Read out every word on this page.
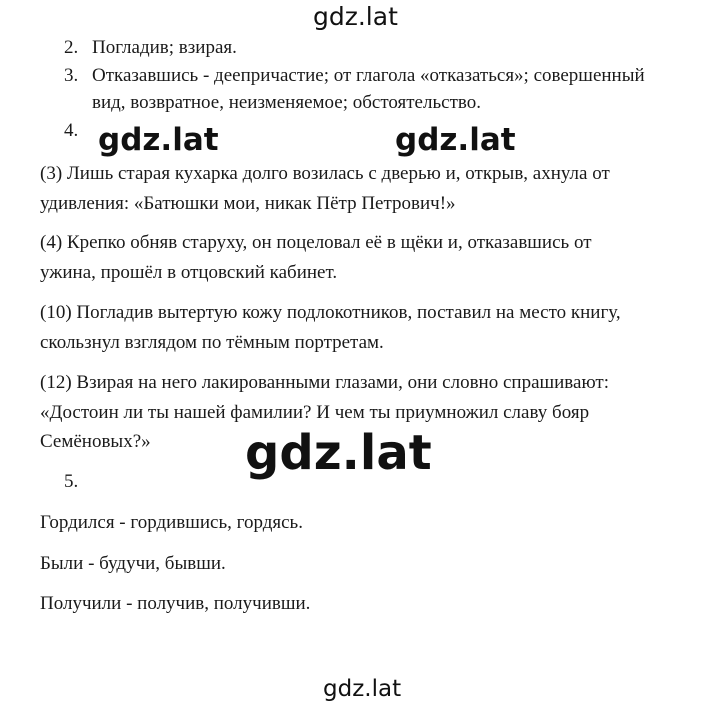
gdz.lat
gdz.lat	gdz.lat
2. Погладив; взирая.
3. Отказавшись - деепричастие; от глагола «отказаться»; совершенный
вид, возвратное, неизменяемое; обстоятельство.
4.
(3) Лишь старая кухарка долго возилась с дверью и, открыв, ахнула от
удивления: «Батюшки мои, никак Пётр Петрович!»
(4) Крепко обняв старуху, он поцеловал её в щёки и, отказавшись от
ужина, прошёл в отцовский кабинет.
(10) Погладив вытертую кожу подлокотников, поставил на место книгу,
скользнул взглядом по тёмным портретам.
(12) Взирая на него лакированными глазами, они словно спрашивают:
«Достоин ли ты нашей фамилии? И чем ты приумножил славу бояр
Семёновых?» gdz.lat
5.
Гордился - гордившись, гордясь.
Были - будучи, бывши.
Получили - получив, получивши.
gdz.lat
